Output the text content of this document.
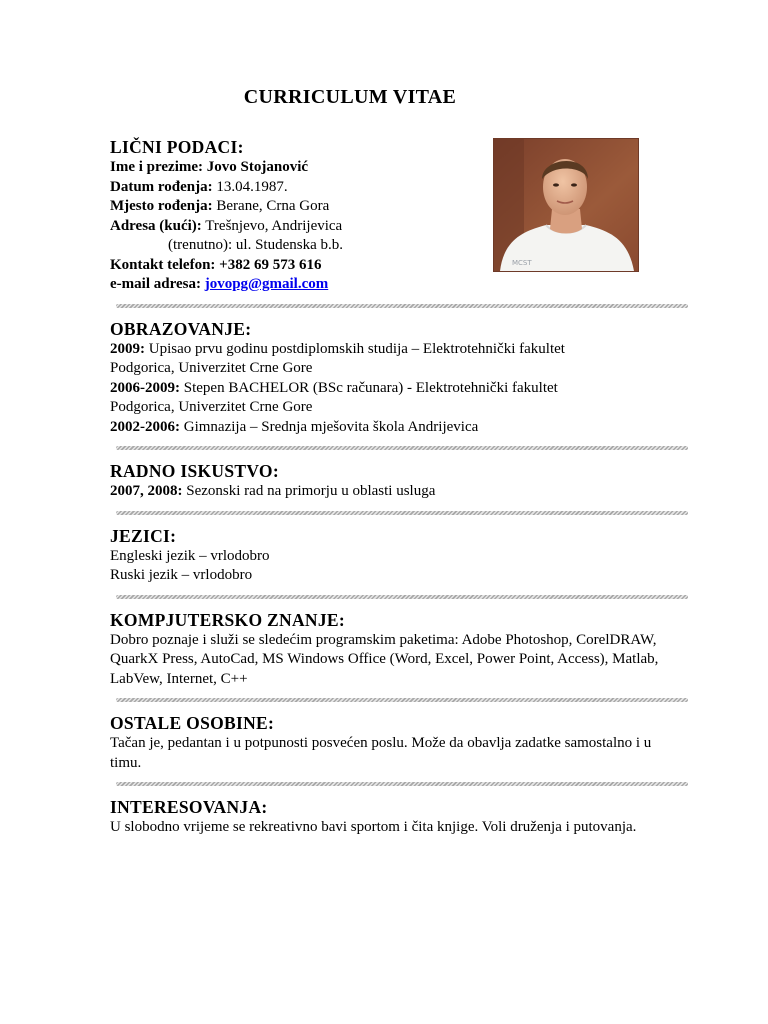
CURRICULUM VITAE
MCST

LIČNI PODACI:

Ime i prezime: Jovo Stojanović

Datum rođenja: 13.04.1987.

Mjesto rođenja: Berane, Crna Gora

Adresa (kući): Trešnjevo, Andrijevica

(trenutno): ul. Studenska b.b.

Kontakt telefon: +382 69 573 616

e-mail adresa: jovopg@gmail.com

OBRAZOVANJE:

2009: Upisao prvu godinu postdiplomskih studija – Elektrotehnički fakultet

Podgorica, Univerzitet Crne Gore

2006-2009: Stepen BACHELOR (BSc računara) - Elektrotehnički fakultet

Podgorica, Univerzitet Crne Gore

2002-2006: Gimnazija – Srednja mješovita škola Andrijevica

RADNO ISKUSTVO:

2007, 2008: Sezonski rad na primorju u oblasti usluga

JEZICI:

Engleski jezik – vrlodobro

Ruski jezik – vrlodobro

KOMPJUTERSKO ZNANJE:

Dobro poznaje i služi se sledećim programskim paketima: Adobe Photoshop, CorelDRAW, QuarkX Press, AutoCad, MS Windows Office (Word, Excel, Power Point, Access), Matlab, LabVew, Internet, C++

OSTALE OSOBINE:

Tačan je, pedantan i u potpunosti posvećen poslu. Može da obavlja zadatke samostalno i u timu.

INTERESOVANJA:

U slobodno vrijeme se rekreativno bavi sportom i čita knjige. Voli druženja i putovanja.
